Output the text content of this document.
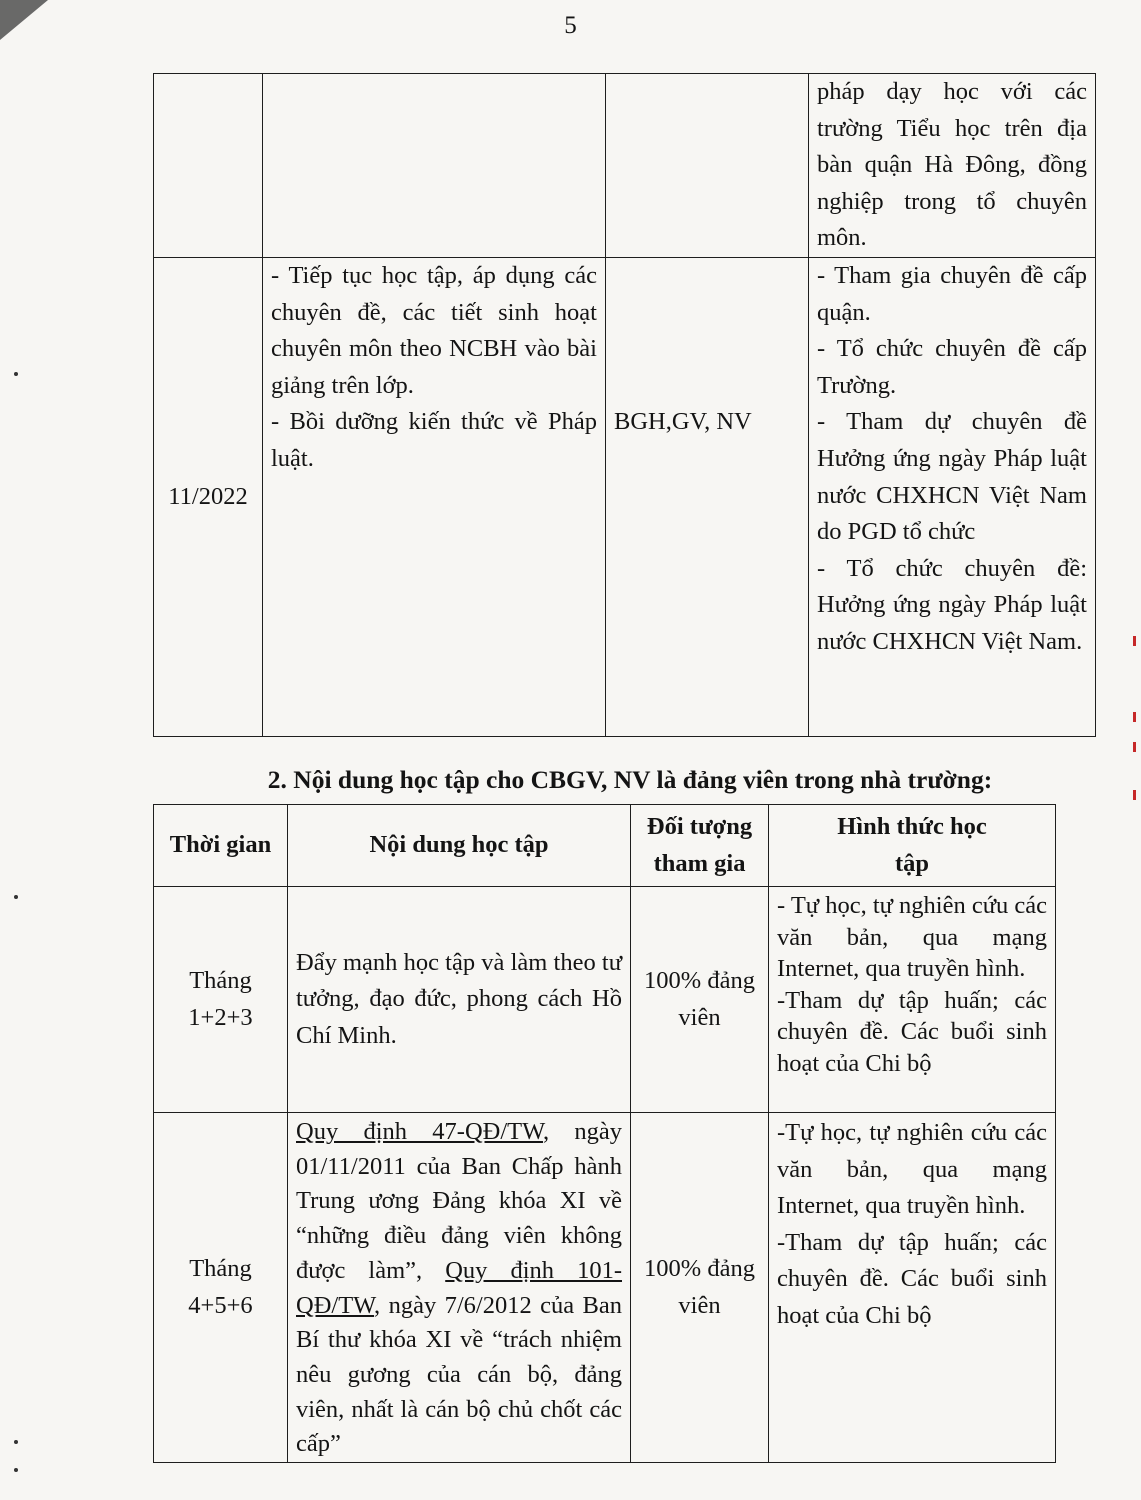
5

			pháp dạy học với các trường Tiểu học trên địa bàn quận Hà Đông, đồng nghiệp trong tổ chuyên môn.

11/2022	- Tiếp tục học tập, áp dụng các chuyên đề, các tiết sinh hoạt chuyên môn theo NCBH vào bài giảng trên lớp.
- Bồi dưỡng kiến thức về Pháp luật.	BGH,GV, NV	- Tham gia chuyên đề cấp quận.
- Tổ chức chuyên đề cấp Trường.
- Tham dự chuyên đề Hưởng ứng ngày Pháp luật nước CHXHCN Việt Nam do PGD tổ chức
- Tổ chức chuyên đề: Hưởng ứng ngày Pháp luật nước CHXHCN Việt Nam.
2. Nội dung học tập cho CBGV, NV là đảng viên trong nhà trường:
Thời gian	Nội dung học tập	Đối tượng tham gia	Hình thức học tập
Tháng 1+2+3	Đẩy mạnh học tập và làm theo tư tưởng, đạo đức, phong cách Hồ Chí Minh.	100% đảng viên	- Tự học, tự nghiên cứu các văn bản, qua mạng Internet, qua truyền hình.
-Tham dự tập huấn; các chuyên đề. Các buổi sinh hoạt của Chi bộ

Tháng 4+5+6	Quy định 47-QĐ/TW, ngày 01/11/2011 của Ban Chấp hành Trung ương Đảng khóa XI về “những điều đảng viên không được làm”, Quy định 101-QĐ/TW, ngày 7/6/2012 của Ban Bí thư khóa XI về “trách nhiệm nêu gương của cán bộ, đảng viên, nhất là cán bộ chủ chốt các cấp”	100% đảng viên	-Tự học, tự nghiên cứu các văn bản, qua mạng Internet, qua truyền hình.
-Tham dự tập huấn; các chuyên đề. Các buổi sinh hoạt của Chi bộ
